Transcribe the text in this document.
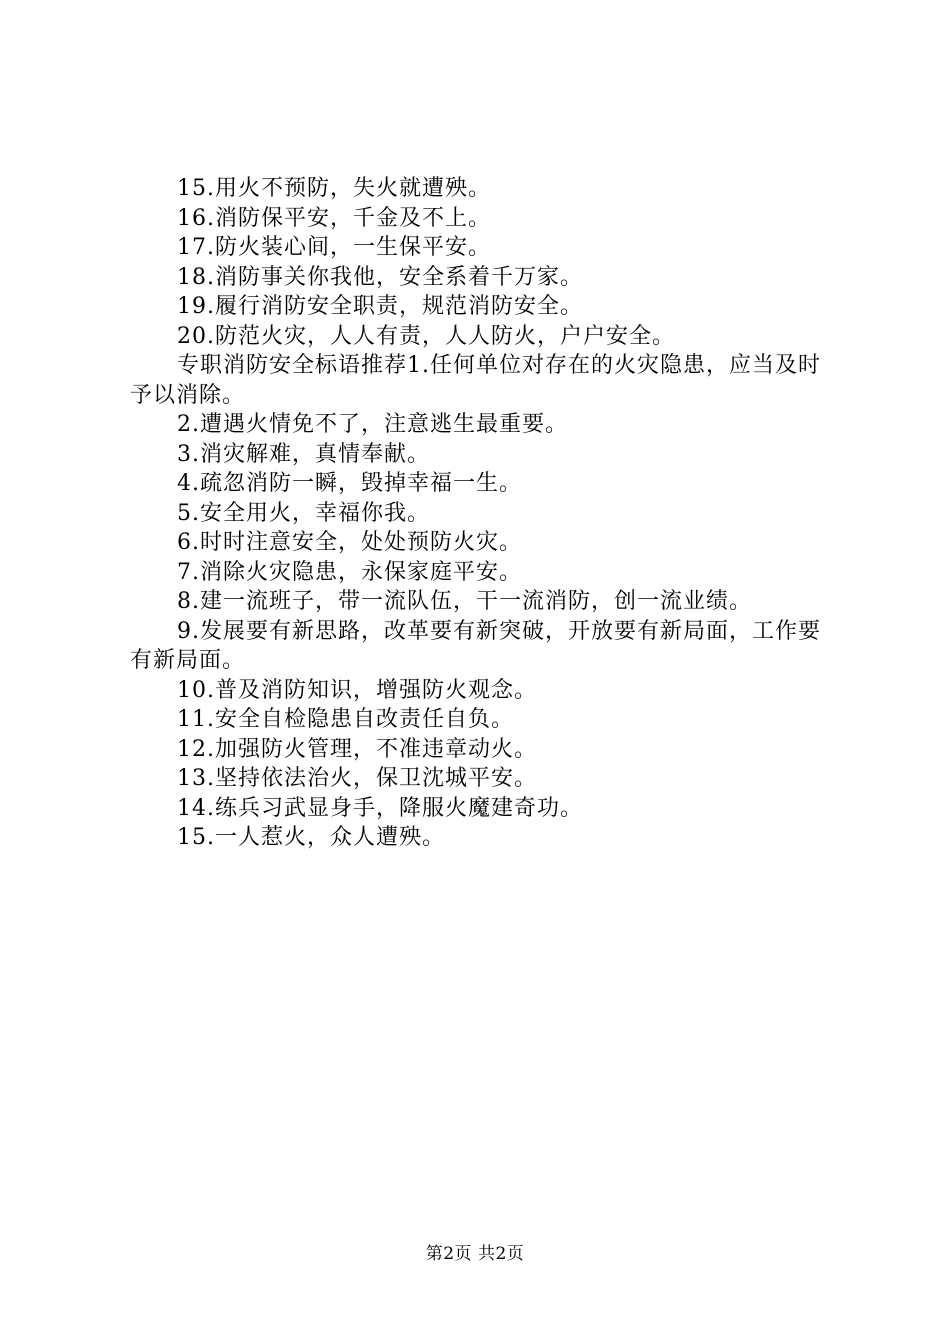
15.用火不预防，失火就遭殃。
16.消防保平安，千金及不上。
17.防火装心间，一生保平安。
18.消防事关你我他，安全系着千万家。
19.履行消防安全职责，规范消防安全。
20.防范火灾，人人有责，人人防火，户户安全。
专职消防安全标语推荐1.任何单位对存在的火灾隐患，应当及时予以消除。
2.遭遇火情免不了，注意逃生最重要。
3.消灾解难，真情奉献。
4.疏忽消防一瞬，毁掉幸福一生。
5.安全用火，幸福你我。
6.时时注意安全，处处预防火灾。
7.消除火灾隐患，永保家庭平安。
8.建一流班子，带一流队伍，干一流消防，创一流业绩。
9.发展要有新思路，改革要有新突破，开放要有新局面，工作要有新局面。
10.普及消防知识，增强防火观念。
11.安全自检隐患自改责任自负。
12.加强防火管理，不准违章动火。
13.坚持依法治火，保卫沈城平安。
14.练兵习武显身手，降服火魔建奇功。
15.一人惹火，众人遭殃。
第2页 共2页
